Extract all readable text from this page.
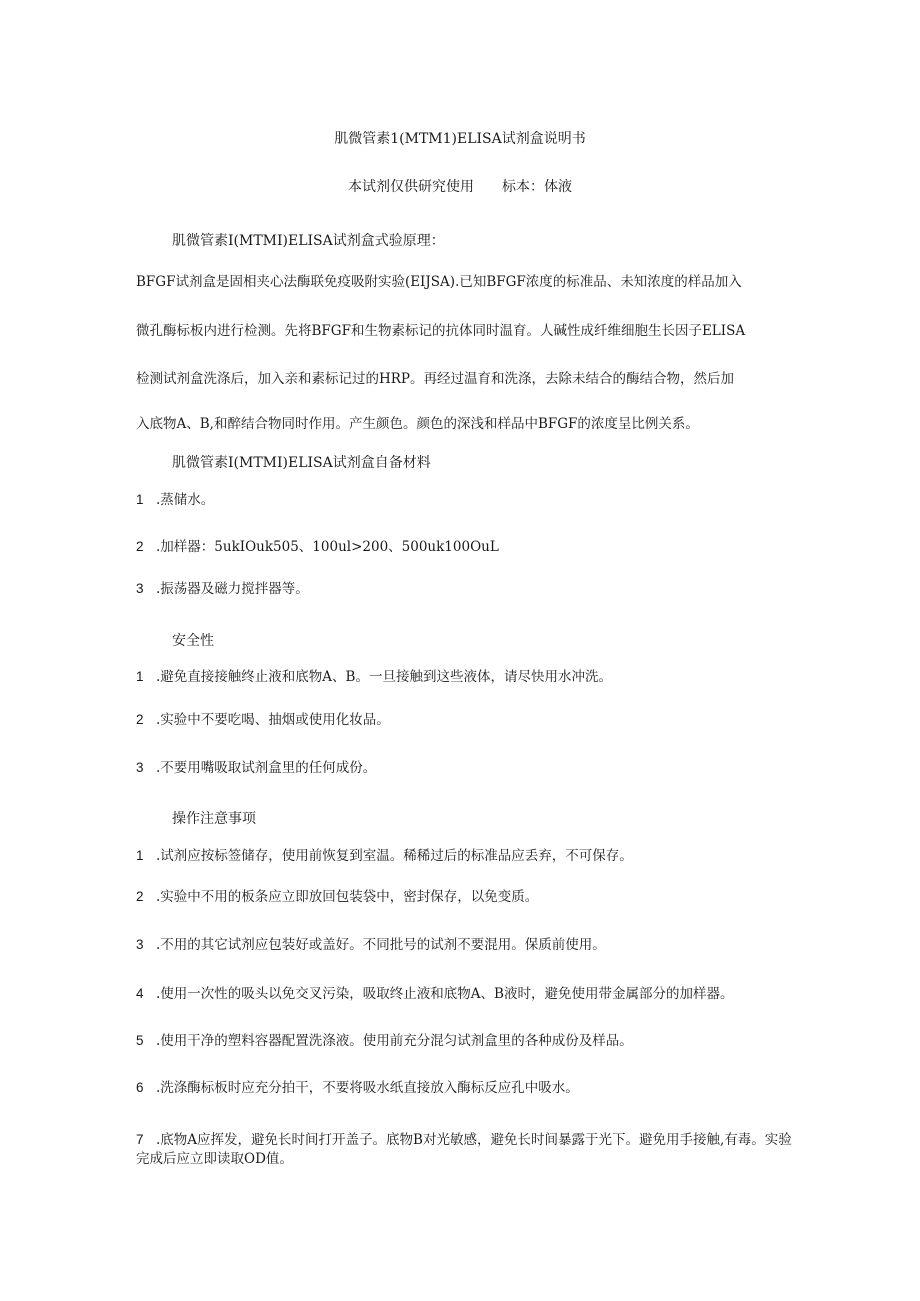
肌微管素1(MTM1)ELISA试剂盒说明书
本试剂仅供研究使用 标本：体液
肌微管素I(MTMI)ELISA试剂盒式验原理：
BFGF试剂盒是固相夹心法酶联免疫吸附实验(EIJSA).已知BFGF浓度的标准品、未知浓度的样品加入
微孔酶标板内进行检测。先将BFGF和生物素标记的抗体同时温育。人碱性成纤维细胞生长因子ELISA
检测试剂盒洗涤后，加入亲和素标记过的HRP。再经过温育和洗涤，去除未结合的酶结合物，然后加
入底物A、B,和醉结合物同时作用。产生颜色。颜色的深浅和样品中BFGF的浓度呈比例关系。
肌微管素I(MTMI)ELISA试剂盒自备材料
1 .蒸储水。
2 .加样器：5ukIOuk505、100ul>200、500uk100OuL
3 .振荡器及磁力搅拌器等。
安全性
1 .避免直接接触终止液和底物A、B。一旦接触到这些液体，请尽快用水冲洗。
2 .实验中不要吃喝、抽烟或使用化妆品。
3 .不要用嘴吸取试剂盒里的任何成份。
操作注意事项
1 .试剂应按标签储存，使用前恢复到室温。稀稀过后的标准品应丢弃，不可保存。
2 .实验中不用的板条应立即放回包装袋中，密封保存，以免变质。
3 .不用的其它试剂应包装好或盖好。不同批号的试剂不要混用。保质前使用。
4 .使用一次性的吸头以免交叉污染，吸取终止液和底物A、B液时，避免使用带金属部分的加样器。
5 .使用干净的塑料容器配置洗涤液。使用前充分混匀试剂盒里的各种成份及样品。
6 .洗涤酶标板时应充分拍干，不要将吸水纸直接放入酶标反应孔中吸水。
7 .底物A应挥发，避免长时间打开盖子。底物B对光敏感，避免长时间暴露于光下。避免用手接触,有毒。实验完成后应立即读取OD值。
